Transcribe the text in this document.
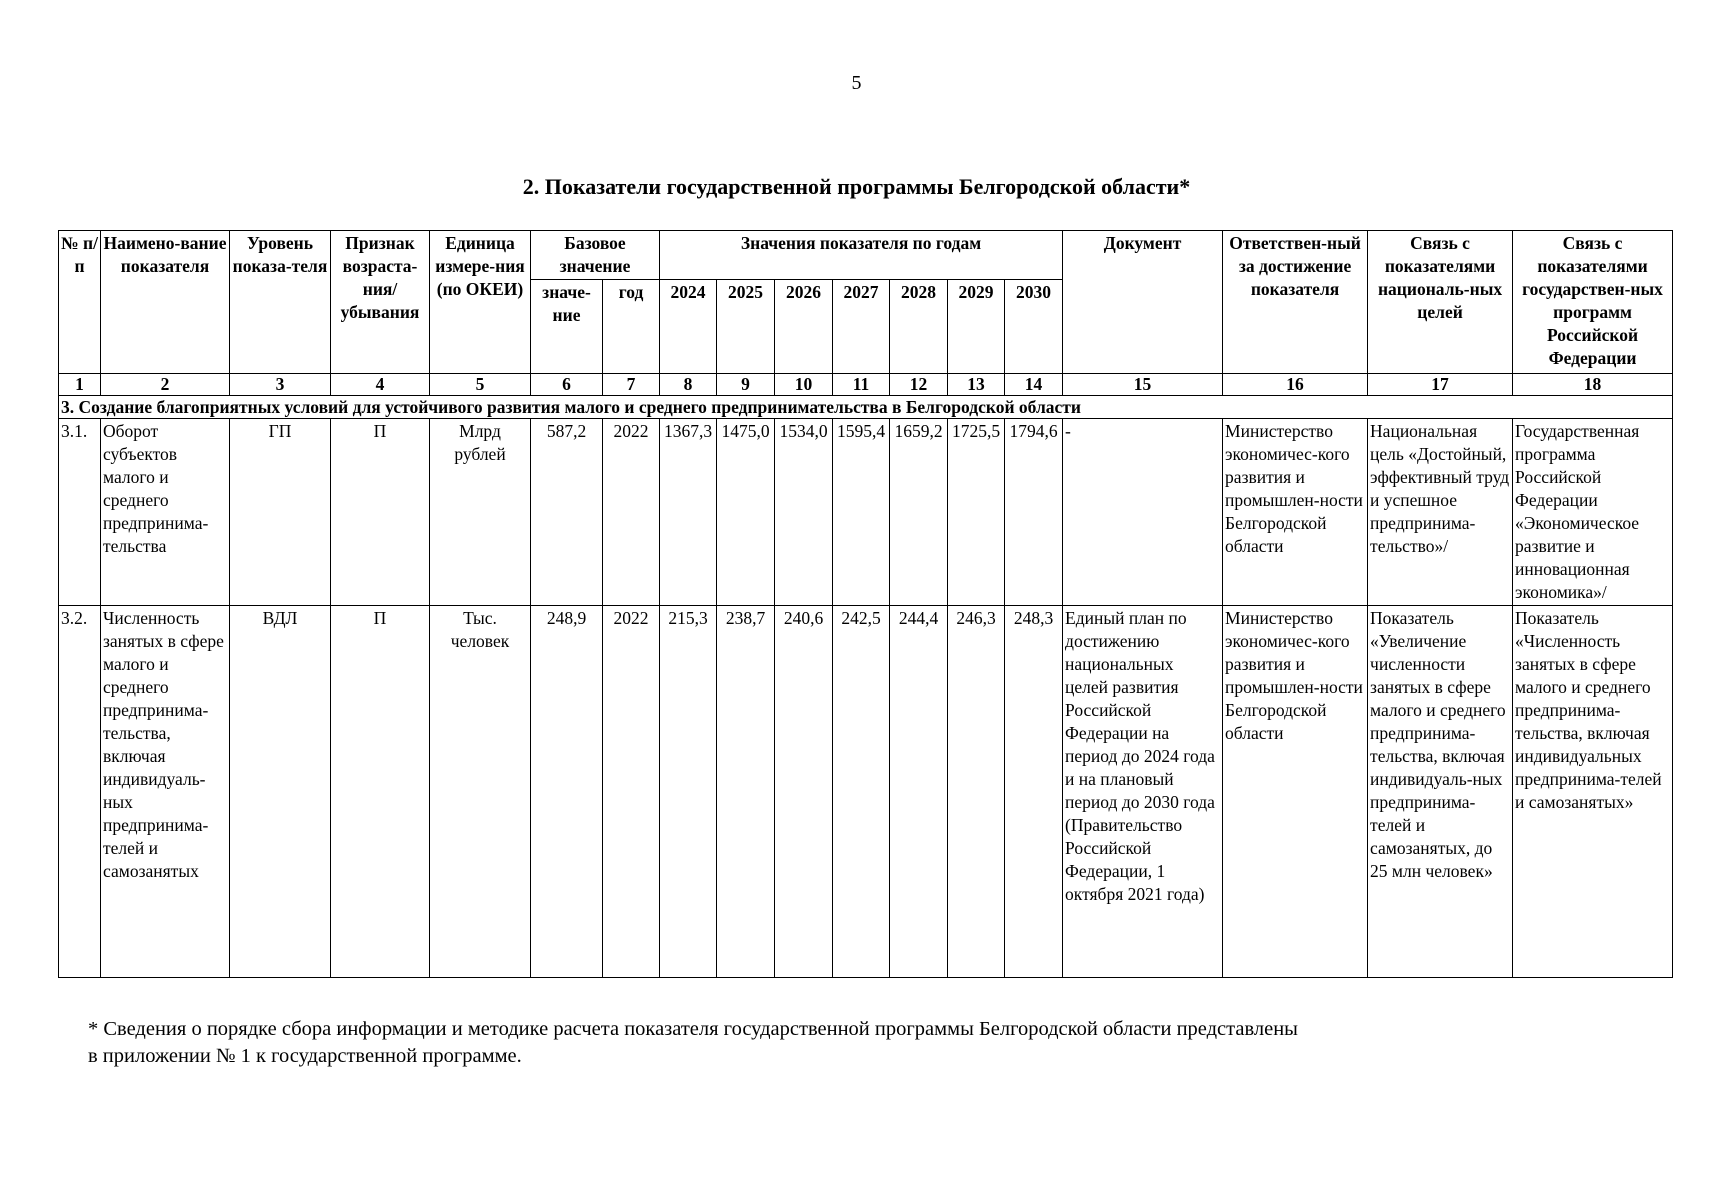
5
2. Показатели государственной программы Белгородской области*
№ п/п	Наимено-вание показателя	Уровень показа-теля	Признак возраста-ния/ убывания	Единица измере-ния (по ОКЕИ)	Базовое значение		Значения показателя по годам							Документ	Ответствен-ный за достижение показателя	Связь с показателями националь-ных целей	Связь с показателями государствен-ных программ Российской Федерации
					значе-ние	год	2024	2025	2026	2027	2028	2029	2030				
1	2	3	4	5	6	7	8	9	10	11	12	13	14	15	16	17	18
3. Создание благоприятных условий для устойчивого развития малого и среднего предпринимательства в Белгородской области																	
3.1.	Оборот субъектов малого и среднего предпринима-тельства	ГП	П	Млрд рублей	587,2	2022	1367,3	1475,0	1534,0	1595,4	1659,2	1725,5	1794,6	-	Министерство экономичес-кого развития и промышлен-ности Белгородской области	Национальная цель «Достойный, эффективный труд и успешное предпринима-тельство»/	Государственная программа Российской Федерации «Экономическое развитие и инновационная экономика»/
3.2.	Численность занятых в сфере малого и среднего предпринима-тельства, включая индивидуаль-ных предпринима-телей и самозанятых	ВДЛ	П	Тыс. человек	248,9	2022	215,3	238,7	240,6	242,5	244,4	246,3	248,3	Единый план по достижению национальных целей развития Российской Федерации на период до 2024 года и на плановый период до 2030 года (Правительство Российской Федерации, 1 октября 2021 года)	Министерство экономичес-кого развития и промышлен-ности Белгородской области	Показатель «Увеличение численности занятых в сфере малого и среднего предпринима-тельства, включая индивидуаль-ных предпринима-телей и самозанятых, до 25 млн человек»	Показатель «Численность занятых в сфере малого и среднего предпринима-тельства, включая индивидуальных предпринима-телей и самозанятых»
* Сведения о порядке сбора информации и методике расчета показателя государственной программы Белгородской области представлены
в приложении № 1 к государственной программе.
